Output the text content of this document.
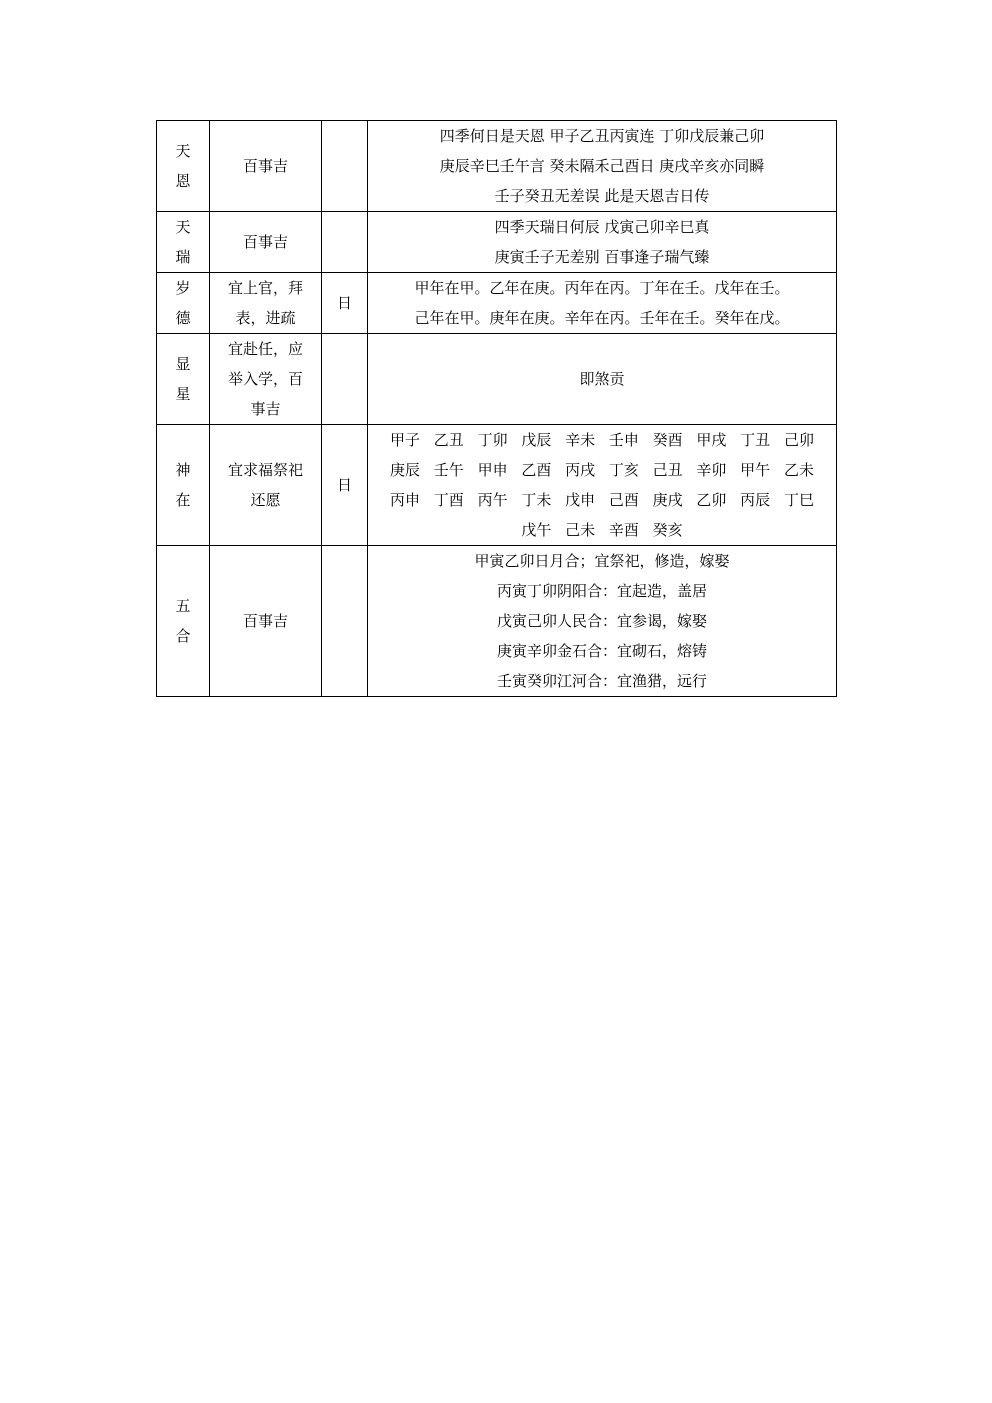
天
恩	百事吉		四季何日是天恩 甲子乙丑丙寅连 丁卯戊辰兼己卯
庚辰辛巳壬午言 癸未隔禾己酉日 庚戌辛亥亦同瞬
壬子癸丑无差误 此是天恩吉日传

天
瑞	百事吉		四季天瑞日何辰 戊寅己卯辛巳真
庚寅壬子无差别 百事逢子瑞气臻

岁
德	宜上官，拜
表，进疏	日	甲年在甲。乙年在庚。丙年在丙。丁年在壬。戊年在壬。
己年在甲。庚年在庚。辛年在丙。壬年在壬。癸年在戊。

显
星	宜赴任，应
举入学，百
事吉		即煞贡

神
在	宜求福祭祀
还愿	日	甲子 乙丑 丁卯 戊辰 辛未 壬申 癸酉 甲戌 丁丑 己卯
庚辰 壬午 甲申 乙酉 丙戌 丁亥 己丑 辛卯 甲午 乙未
丙申 丁酉 丙午 丁未 戊申 己酉 庚戌 乙卯 丙辰 丁巳
戊午 己未 辛酉 癸亥

五
合	百事吉		甲寅乙卯日月合；宜祭祀，修造，嫁娶
丙寅丁卯阴阳合：宜起造，盖居
戊寅己卯人民合：宜参谒，嫁娶
庚寅辛卯金石合：宜砌石，熔铸
壬寅癸卯江河合：宜渔猎，远行
